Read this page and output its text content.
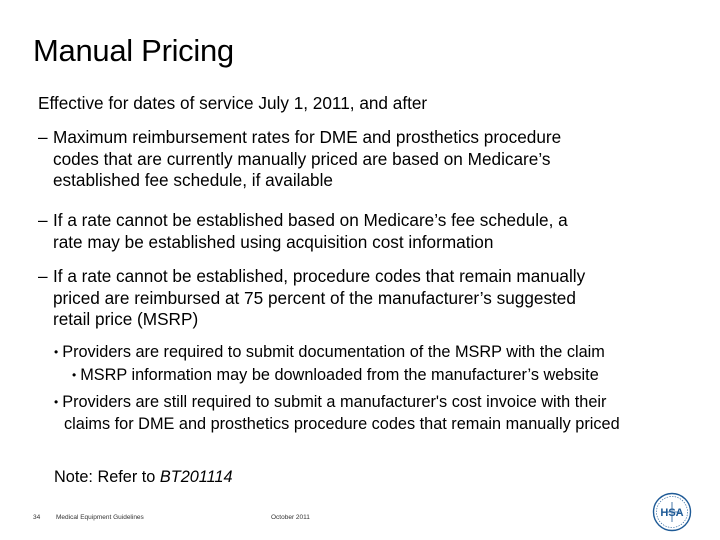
Manual Pricing
Effective for dates of service July 1, 2011, and after
– Maximum reimbursement rates for DME and prosthetics procedure
codes that are currently manually priced are based on Medicare’s
established fee schedule, if available
– If a rate cannot be established based on Medicare’s fee schedule, a
rate may be established using acquisition cost information
– If a rate cannot be established, procedure codes that remain manually
priced are reimbursed at 75 percent of the manufacturer’s suggested
retail price (MSRP)
• Providers are required to submit documentation of the MSRP with the claim
• MSRP information may be downloaded from the manufacturer’s website
• Providers are still required to submit a manufacturer's cost invoice with their
claims for DME and prosthetics procedure codes that remain manually priced
Note: Refer to BT201114
34 Medical Equipment Guidelines	October 2011	HSA
